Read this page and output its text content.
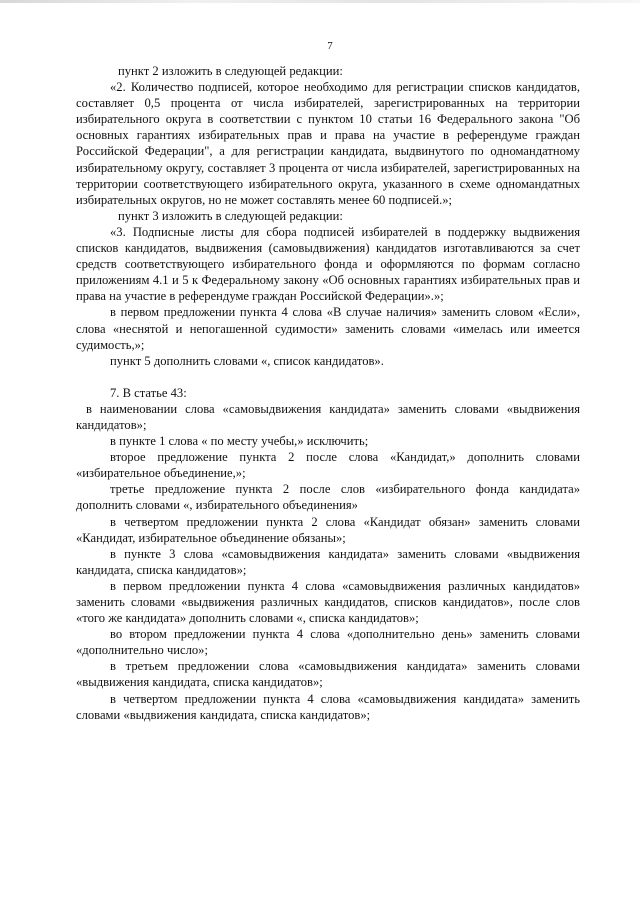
7

пункт 2 изложить в следующей редакции:

«2. Количество подписей, которое необходимо для регистрации списков кандидатов, составляет 0,5 процента от числа избирателей, зарегистрированных на территории избирательного округа в соответствии с пунктом 10 статьи 16 Федерального закона "Об основных гарантиях избирательных прав и права на участие в референдуме граждан Российской Федерации", а для регистрации кандидата, выдвинутого по одномандатному избирательному округу, составляет 3 процента от числа избирателей, зарегистрированных на территории соответствующего избирательного округа, указанного в схеме одномандатных избирательных округов, но не может составлять менее 60 подписей.»;

пункт 3 изложить в следующей редакции:

«3. Подписные листы для сбора подписей избирателей в поддержку выдвижения списков кандидатов, выдвижения (самовыдвижения) кандидатов изготавливаются за счет средств соответствующего избирательного фонда и оформляются по формам согласно приложениям 4.1 и 5 к Федеральному закону «Об основных гарантиях избирательных прав и права на участие в референдуме граждан Российской Федерации».»;

в первом предложении пункта 4 слова «В случае наличия» заменить словом «Если», слова «неснятой и непогашенной судимости» заменить словами «имелась или имеется судимость,»;

пункт 5 дополнить словами «, список кандидатов».

7. В статье 43:

в наименовании слова «самовыдвижения кандидата» заменить словами «выдвижения кандидатов»;

в пункте 1 слова « по месту учебы,» исключить;

второе предложение пункта 2 после слова «Кандидат,» дополнить словами «избирательное объединение,»;

третье предложение пункта 2 после слов «избирательного фонда кандидата» дополнить словами «, избирательного объединения»

в четвертом предложении пункта 2 слова «Кандидат обязан» заменить словами «Кандидат, избирательное объединение обязаны»;

в пункте 3 слова «самовыдвижения кандидата» заменить словами «выдвижения кандидата, списка кандидатов»;

в первом предложении пункта 4 слова «самовыдвижения различных кандидатов» заменить словами «выдвижения различных кандидатов, списков кандидатов», после слов «того же кандидата» дополнить словами «, списка кандидатов»;

во втором предложении пункта 4 слова «дополнительно день» заменить словами «дополнительно число»;

в третьем предложении слова «самовыдвижения кандидата» заменить словами «выдвижения кандидата, списка кандидатов»;

в четвертом предложении пункта 4 слова «самовыдвижения кандидата» заменить словами «выдвижения кандидата, списка кандидатов»;
